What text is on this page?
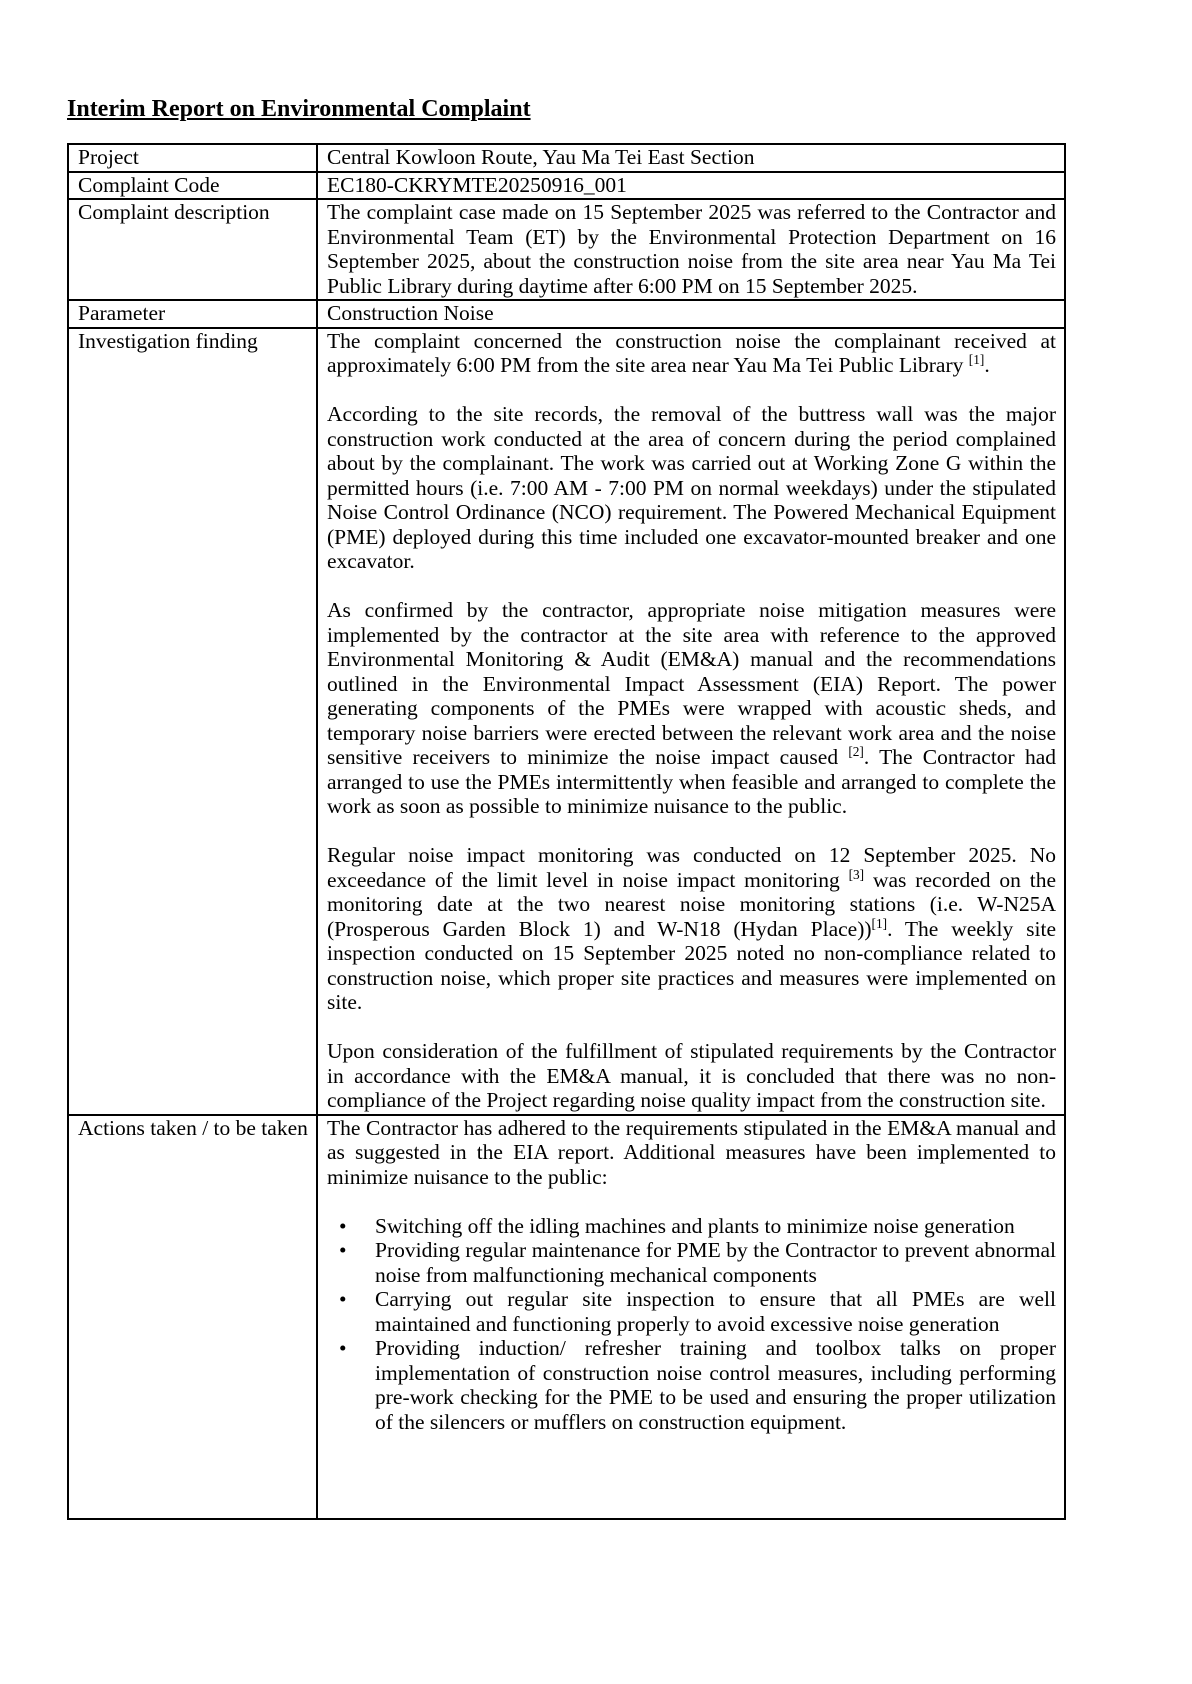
Interim Report on Environmental Complaint
Project	Central Kowloon Route, Yau Ma Tei East Section

Complaint Code	EC180-CKRYMTE20250916_001

Complaint description	The complaint case made on 15 September 2025 was referred to the Contractor and Environmental Team (ET) by the Environmental Protection Department on 16 September 2025, about the construction noise from the site area near Yau Ma Tei Public Library during daytime after 6:00 PM on 15 September 2025.

Parameter	Construction Noise

Investigation finding	The complaint concerned the construction noise the complainant received at approximately 6:00 PM from the site area near Yau Ma Tei Public Library [1].

According to the site records, the removal of the buttress wall was the major construction work conducted at the area of concern during the period complained about by the complainant. The work was carried out at Working Zone G within the permitted hours (i.e. 7:00 AM - 7:00 PM on normal weekdays) under the stipulated Noise Control Ordinance (NCO) requirement. The Powered Mechanical Equipment (PME) deployed during this time included one excavator-mounted breaker and one excavator.

As confirmed by the contractor, appropriate noise mitigation measures were implemented by the contractor at the site area with reference to the approved Environmental Monitoring & Audit (EM&A) manual and the recommendations outlined in the Environmental Impact Assessment (EIA) Report. The power generating components of the PMEs were wrapped with acoustic sheds, and temporary noise barriers were erected between the relevant work area and the noise sensitive receivers to minimize the noise impact caused [2]. The Contractor had arranged to use the PMEs intermittently when feasible and arranged to complete the work as soon as possible to minimize nuisance to the public.

Regular noise impact monitoring was conducted on 12 September 2025. No exceedance of the limit level in noise impact monitoring [3] was recorded on the monitoring date at the two nearest noise monitoring stations (i.e. W-N25A (Prosperous Garden Block 1) and W-N18 (Hydan Place))[1]. The weekly site inspection conducted on 15 September 2025 noted no non-compliance related to construction noise, which proper site practices and measures were implemented on site.

Upon consideration of the fulfillment of stipulated requirements by the Contractor in accordance with the EM&A manual, it is concluded that there was no non-compliance of the Project regarding noise quality impact from the construction site.

Actions taken / to be taken	The Contractor has adhered to the requirements stipulated in the EM&A manual and as suggested in the EIA report. Additional measures have been implemented to minimize nuisance to the public:

• Switching off the idling machines and plants to minimize noise generation
• Providing regular maintenance for PME by the Contractor to prevent abnormal noise from malfunctioning mechanical components
• Carrying out regular site inspection to ensure that all PMEs are well maintained and functioning properly to avoid excessive noise generation
• Providing induction/ refresher training and toolbox talks on proper implementation of construction noise control measures, including performing pre-work checking for the PME to be used and ensuring the proper utilization of the silencers or mufflers on construction equipment.
